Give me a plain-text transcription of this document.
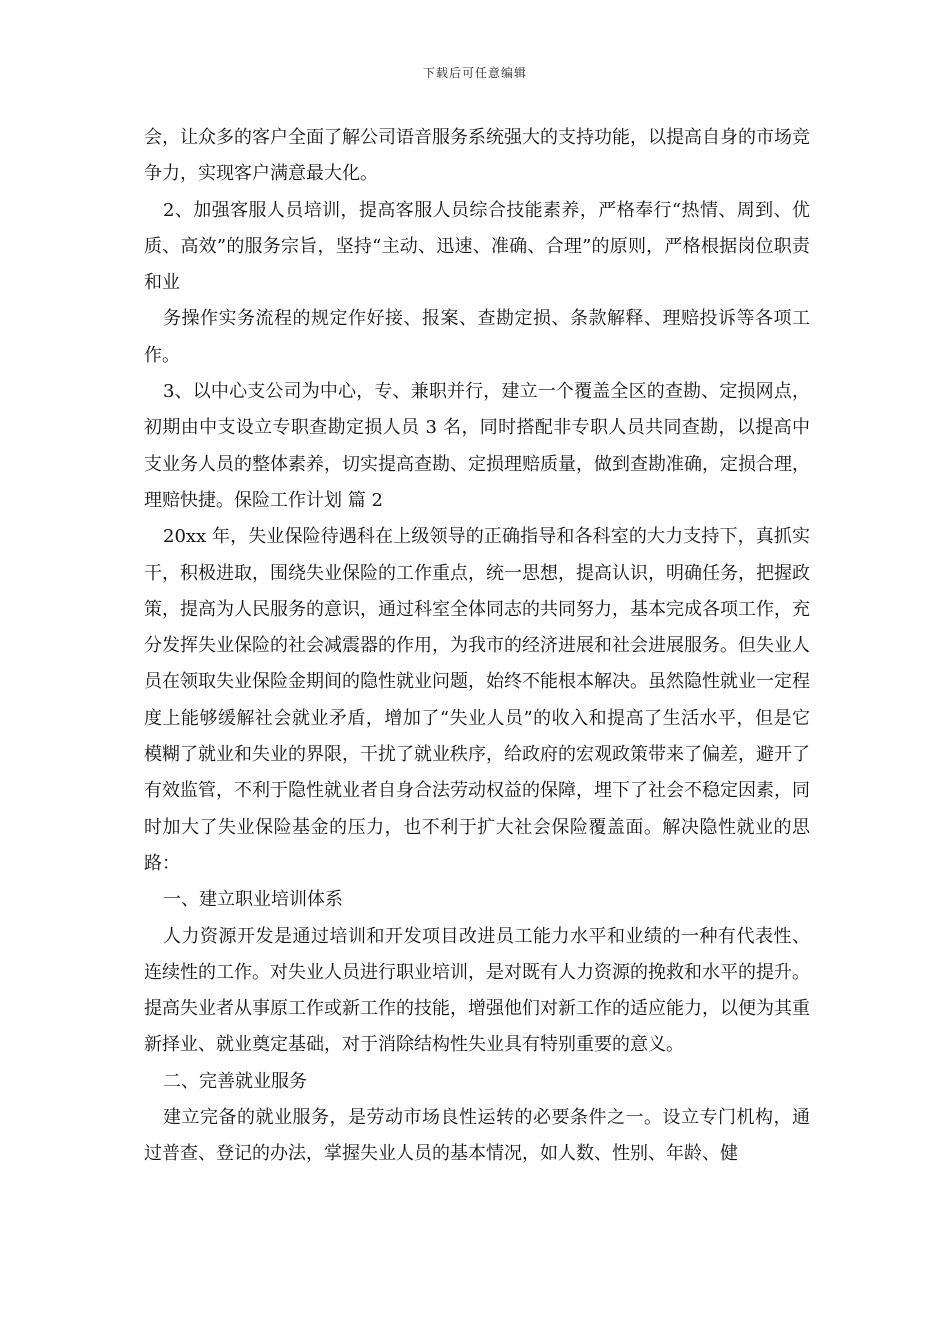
下载后可任意编辑

会，让众多的客户全面了解公司语音服务系统强大的支持功能，以提高自身的市场竞争力，实现客户满意最大化。

2、加强客服人员培训，提高客服人员综合技能素养，严格奉行“热情、周到、优质、高效”的服务宗旨，坚持“主动、迅速、准确、合理”的原则，严格根据岗位职责和业

务操作实务流程的规定作好接、报案、查勘定损、条款解释、理赔投诉等各项工作。

3、以中心支公司为中心，专、兼职并行，建立一个覆盖全区的查勘、定损网点，初期由中支设立专职查勘定损人员 3 名，同时搭配非专职人员共同查勘，以提高中支业务人员的整体素养，切实提高查勘、定损理赔质量，做到查勘准确，定损合理，理赔快捷。保险工作计划 篇 2

20xx 年，失业保险待遇科在上级领导的正确指导和各科室的大力支持下，真抓实干，积极进取，围绕失业保险的工作重点，统一思想，提高认识，明确任务，把握政策，提高为人民服务的意识，通过科室全体同志的共同努力，基本完成各项工作，充分发挥失业保险的社会减震器的作用，为我市的经济进展和社会进展服务。但失业人员在领取失业保险金期间的隐性就业问题，始终不能根本解决。虽然隐性就业一定程度上能够缓解社会就业矛盾，增加了“失业人员”的收入和提高了生活水平，但是它模糊了就业和失业的界限，干扰了就业秩序，给政府的宏观政策带来了偏差，避开了有效监管，不利于隐性就业者自身合法劳动权益的保障，埋下了社会不稳定因素，同时加大了失业保险基金的压力，也不利于扩大社会保险覆盖面。解决隐性就业的思路：

一、建立职业培训体系

人力资源开发是通过培训和开发项目改进员工能力水平和业绩的一种有代表性、连续性的工作。对失业人员进行职业培训，是对既有人力资源的挽救和水平的提升。提高失业者从事原工作或新工作的技能，增强他们对新工作的适应能力，以便为其重新择业、就业奠定基础，对于消除结构性失业具有特别重要的意义。

二、完善就业服务

建立完备的就业服务，是劳动市场良性运转的必要条件之一。设立专门机构，通过普查、登记的办法，掌握失业人员的基本情况，如人数、性别、年龄、健
